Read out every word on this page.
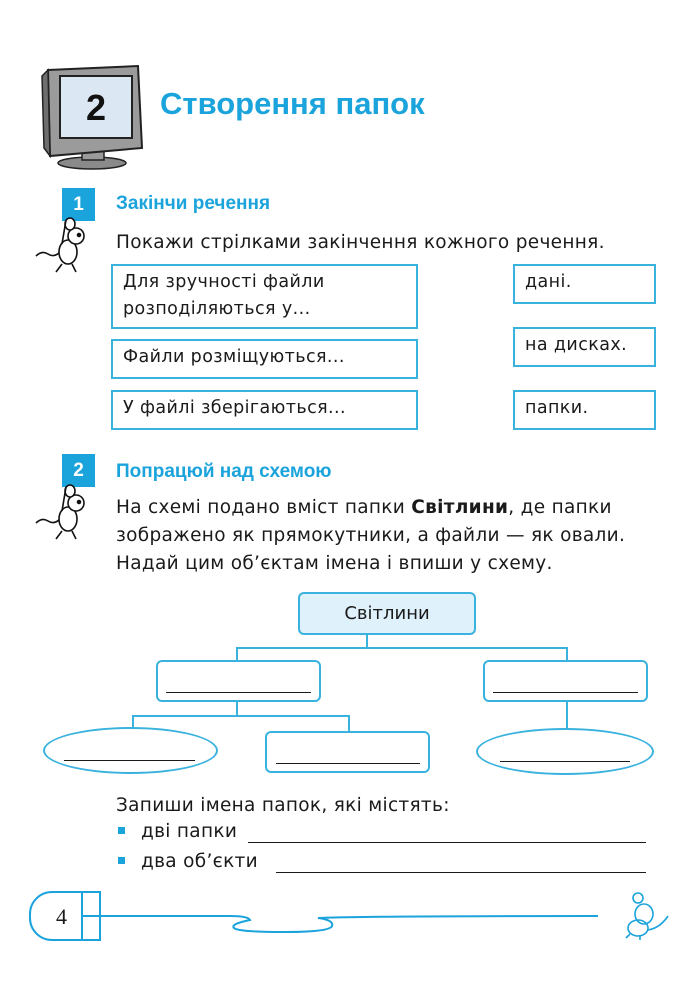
2 Створення папок
1	Закінчи речення
Покажи стрілками закінчення кожного речення.
Для зручності файли
розподіляються у...
Файли розміщуються...
У файлі зберігаються...
дані.
на дисках.
папки.
2	Попрацюй над схемою
На схемі подано вміст папки Світлини, де папки
зображено як прямокутники, а файли — як овали.
Надай цим об’єктам імена і впиши у схему.
Світлини
Запиши імена папок, які містять:
дві папки
два об’єкти
4
